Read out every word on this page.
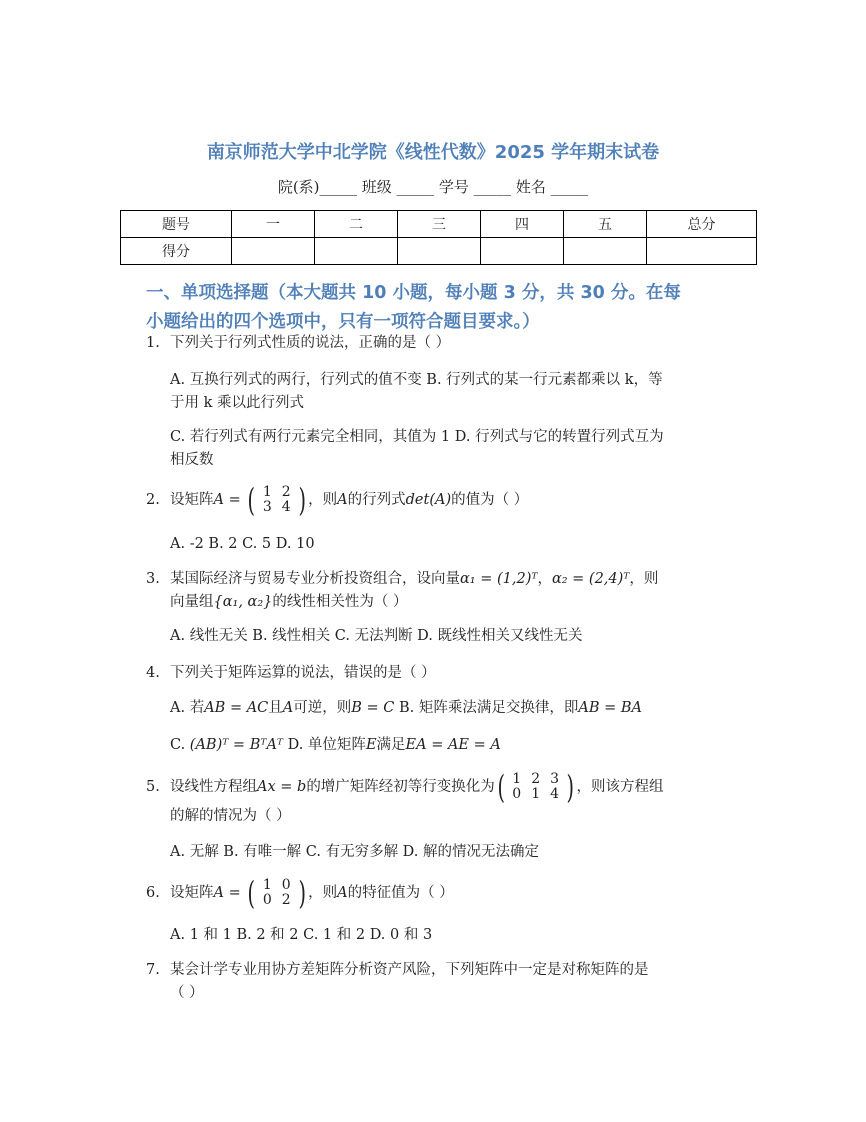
南京师范大学中北学院《线性代数》2025 学年期末试卷
院(系)_____ 班级 _____ 学号 _____ 姓名 _____
题号	一	二	三	四	五	总分
得分						
一、单项选择题（本大题共 10 小题，每小题 3 分，共 30 分。在每
小题给出的四个选项中，只有一项符合题目要求。）
1. 下列关于行列式性质的说法，正确的是（ ）
A. 互换行列式的两行，行列式的值不变 B. 行列式的某一行元素都乘以 k，等
于用 k 乘以此行列式
C. 若行列式有两行元素完全相同，其值为 1 D. 行列式与它的转置行列式互为
相反数
2. 设矩阵A = ( 1	2
3	4 ) ，则A的行列式det(A)的值为（ ）
A. -2 B. 2 C. 5 D. 10
3. 某国际经济与贸易专业分析投资组合，设向量α₁ = (1,2)ᵀ，α₂ = (2,4)ᵀ，则
向量组{α₁, α₂}的线性相关性为（ ）
A. 线性无关 B. 线性相关 C. 无法判断 D. 既线性相关又线性无关
4. 下列关于矩阵运算的说法，错误的是（ ）
A. 若AB = AC且A可逆，则B = C B. 矩阵乘法满足交换律，即AB = BA
C. (AB)ᵀ = BᵀAᵀ D. 单位矩阵E满足EA = AE = A
5. 设线性方程组Ax = b的增广矩阵经初等行变换化为 ( 1	2	3
0	1	4 ) ，则该方程组
的解的情况为（ ）
A. 无解 B. 有唯一解 C. 有无穷多解 D. 解的情况无法确定
6. 设矩阵A = ( 1	0
0	2 ) ，则A的特征值为（ ）
A. 1 和 1 B. 2 和 2 C. 1 和 2 D. 0 和 3
7. 某会计学专业用协方差矩阵分析资产风险，下列矩阵中一定是对称矩阵的是
（ ）
